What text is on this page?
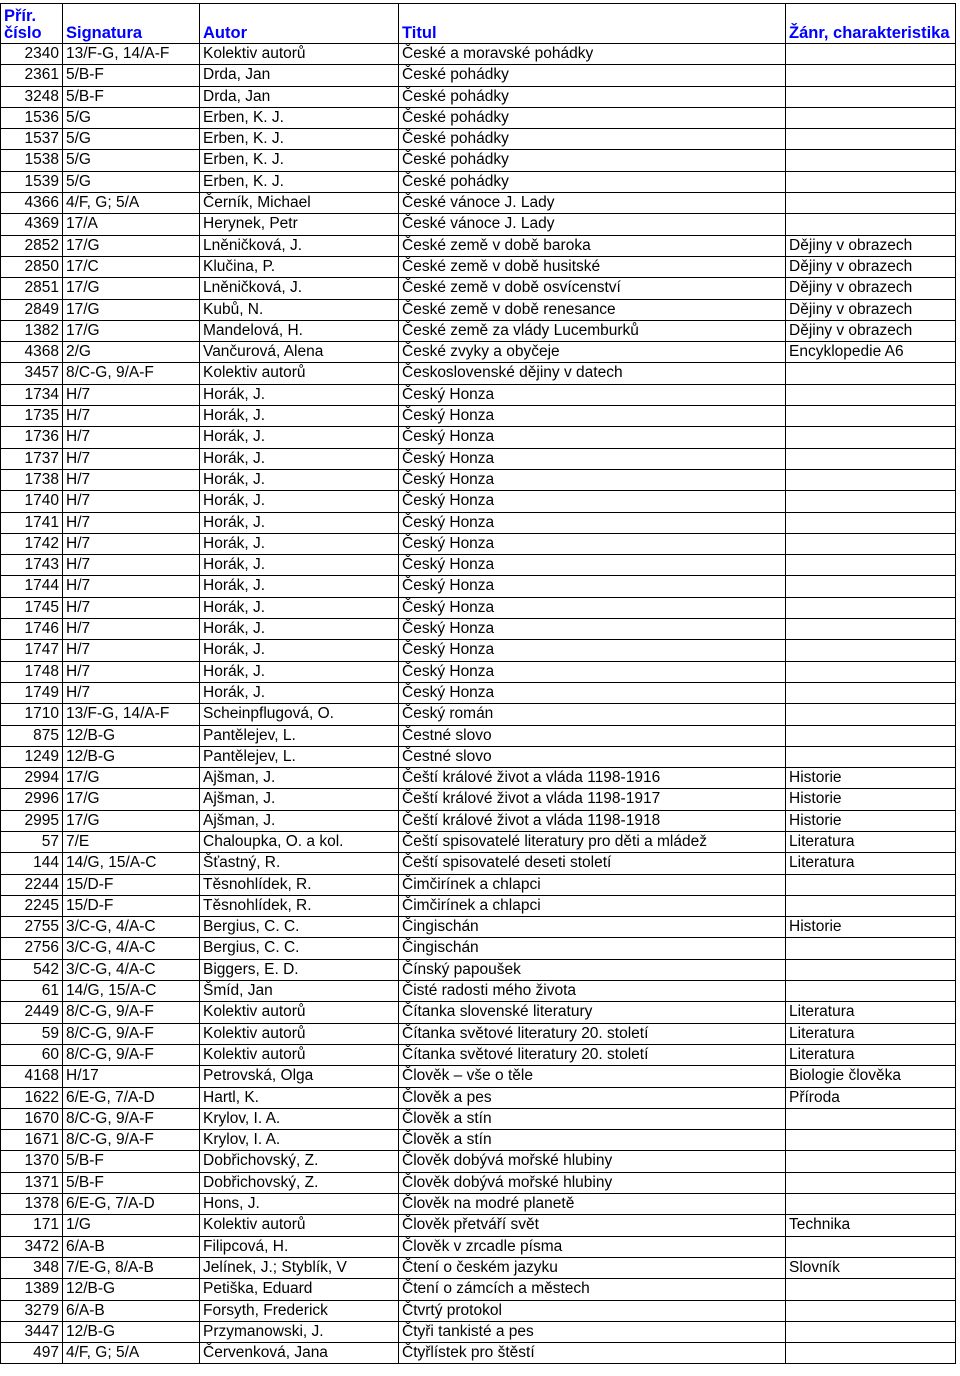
Přír.
číslo	Signatura	Autor	Titul	Žánr, charakteristika
2340	13/F-G, 14/A-F	Kolektiv autorů	České a moravské pohádky	
2361	5/B-F	Drda, Jan	České pohádky	
3248	5/B-F	Drda, Jan	České pohádky	
1536	5/G	Erben, K. J.	České pohádky	
1537	5/G	Erben, K. J.	České pohádky	
1538	5/G	Erben, K. J.	České pohádky	
1539	5/G	Erben, K. J.	České pohádky	
4366	4/F, G; 5/A	Černík, Michael	České vánoce J. Lady	
4369	17/A	Herynek, Petr	České vánoce J. Lady	
2852	17/G	Lněničková, J.	České země v době baroka	Dějiny v obrazech
2850	17/C	Klučina, P.	České země v době husitské	Dějiny v obrazech
2851	17/G	Lněničková, J.	České země v době osvícenství	Dějiny v obrazech
2849	17/G	Kubů, N.	České země v době renesance	Dějiny v obrazech
1382	17/G	Mandelová, H.	České země za vlády Lucemburků	Dějiny v obrazech
4368	2/G	Vančurová, Alena	České zvyky a obyčeje	Encyklopedie A6
3457	8/C-G, 9/A-F	Kolektiv autorů	Československé dějiny v datech	
1734	H/7	Horák, J.	Český Honza	
1735	H/7	Horák, J.	Český Honza	
1736	H/7	Horák, J.	Český Honza	
1737	H/7	Horák, J.	Český Honza	
1738	H/7	Horák, J.	Český Honza	
1740	H/7	Horák, J.	Český Honza	
1741	H/7	Horák, J.	Český Honza	
1742	H/7	Horák, J.	Český Honza	
1743	H/7	Horák, J.	Český Honza	
1744	H/7	Horák, J.	Český Honza	
1745	H/7	Horák, J.	Český Honza	
1746	H/7	Horák, J.	Český Honza	
1747	H/7	Horák, J.	Český Honza	
1748	H/7	Horák, J.	Český Honza	
1749	H/7	Horák, J.	Český Honza	
1710	13/F-G, 14/A-F	Scheinpflugová, O.	Český román	
875	12/B-G	Pantělejev, L.	Čestné slovo	
1249	12/B-G	Pantělejev, L.	Čestné slovo	
2994	17/G	Ajšman, J.	Čeští králové život a vláda 1198-1916	Historie
2996	17/G	Ajšman, J.	Čeští králové život a vláda 1198-1917	Historie
2995	17/G	Ajšman, J.	Čeští králové život a vláda 1198-1918	Historie
57	7/E	Chaloupka, O. a kol.	Čeští spisovatelé literatury pro děti a mládež	Literatura
144	14/G, 15/A-C	Šťastný, R.	Čeští spisovatelé deseti století	Literatura
2244	15/D-F	Těsnohlídek, R.	Čimčirínek a chlapci	
2245	15/D-F	Těsnohlídek, R.	Čimčirínek a chlapci	
2755	3/C-G, 4/A-C	Bergius, C. C.	Čingischán	Historie
2756	3/C-G, 4/A-C	Bergius, C. C.	Čingischán	
542	3/C-G, 4/A-C	Biggers, E. D.	Čínský papoušek	
61	14/G, 15/A-C	Šmíd, Jan	Čisté radosti mého života	
2449	8/C-G, 9/A-F	Kolektiv autorů	Čítanka slovenské literatury	Literatura
59	8/C-G, 9/A-F	Kolektiv autorů	Čítanka světové literatury 20. století	Literatura
60	8/C-G, 9/A-F	Kolektiv autorů	Čítanka světové literatury 20. století	Literatura
4168	H/17	Petrovská, Olga	Člověk – vše o těle	Biologie člověka
1622	6/E-G, 7/A-D	Hartl, K.	Člověk a pes	Příroda
1670	8/C-G, 9/A-F	Krylov, I. A.	Člověk a stín	
1671	8/C-G, 9/A-F	Krylov, I. A.	Člověk a stín	
1370	5/B-F	Dobřichovský, Z.	Člověk dobývá mořské hlubiny	
1371	5/B-F	Dobřichovský, Z.	Člověk dobývá mořské hlubiny	
1378	6/E-G, 7/A-D	Hons, J.	Člověk na modré planetě	
171	1/G	Kolektiv autorů	Člověk přetváří svět	Technika
3472	6/A-B	Filipcová, H.	Člověk v zrcadle písma	
348	7/E-G, 8/A-B	Jelínek, J.; Styblík, V	Čtení o českém jazyku	Slovník
1389	12/B-G	Petiška, Eduard	Čtení o zámcích a městech	
3279	6/A-B	Forsyth, Frederick	Čtvrtý protokol	
3447	12/B-G	Przymanowski, J.	Čtyři tankisté a pes	
497	4/F, G; 5/A	Červenková, Jana	Čtyřlístek pro štěstí	
